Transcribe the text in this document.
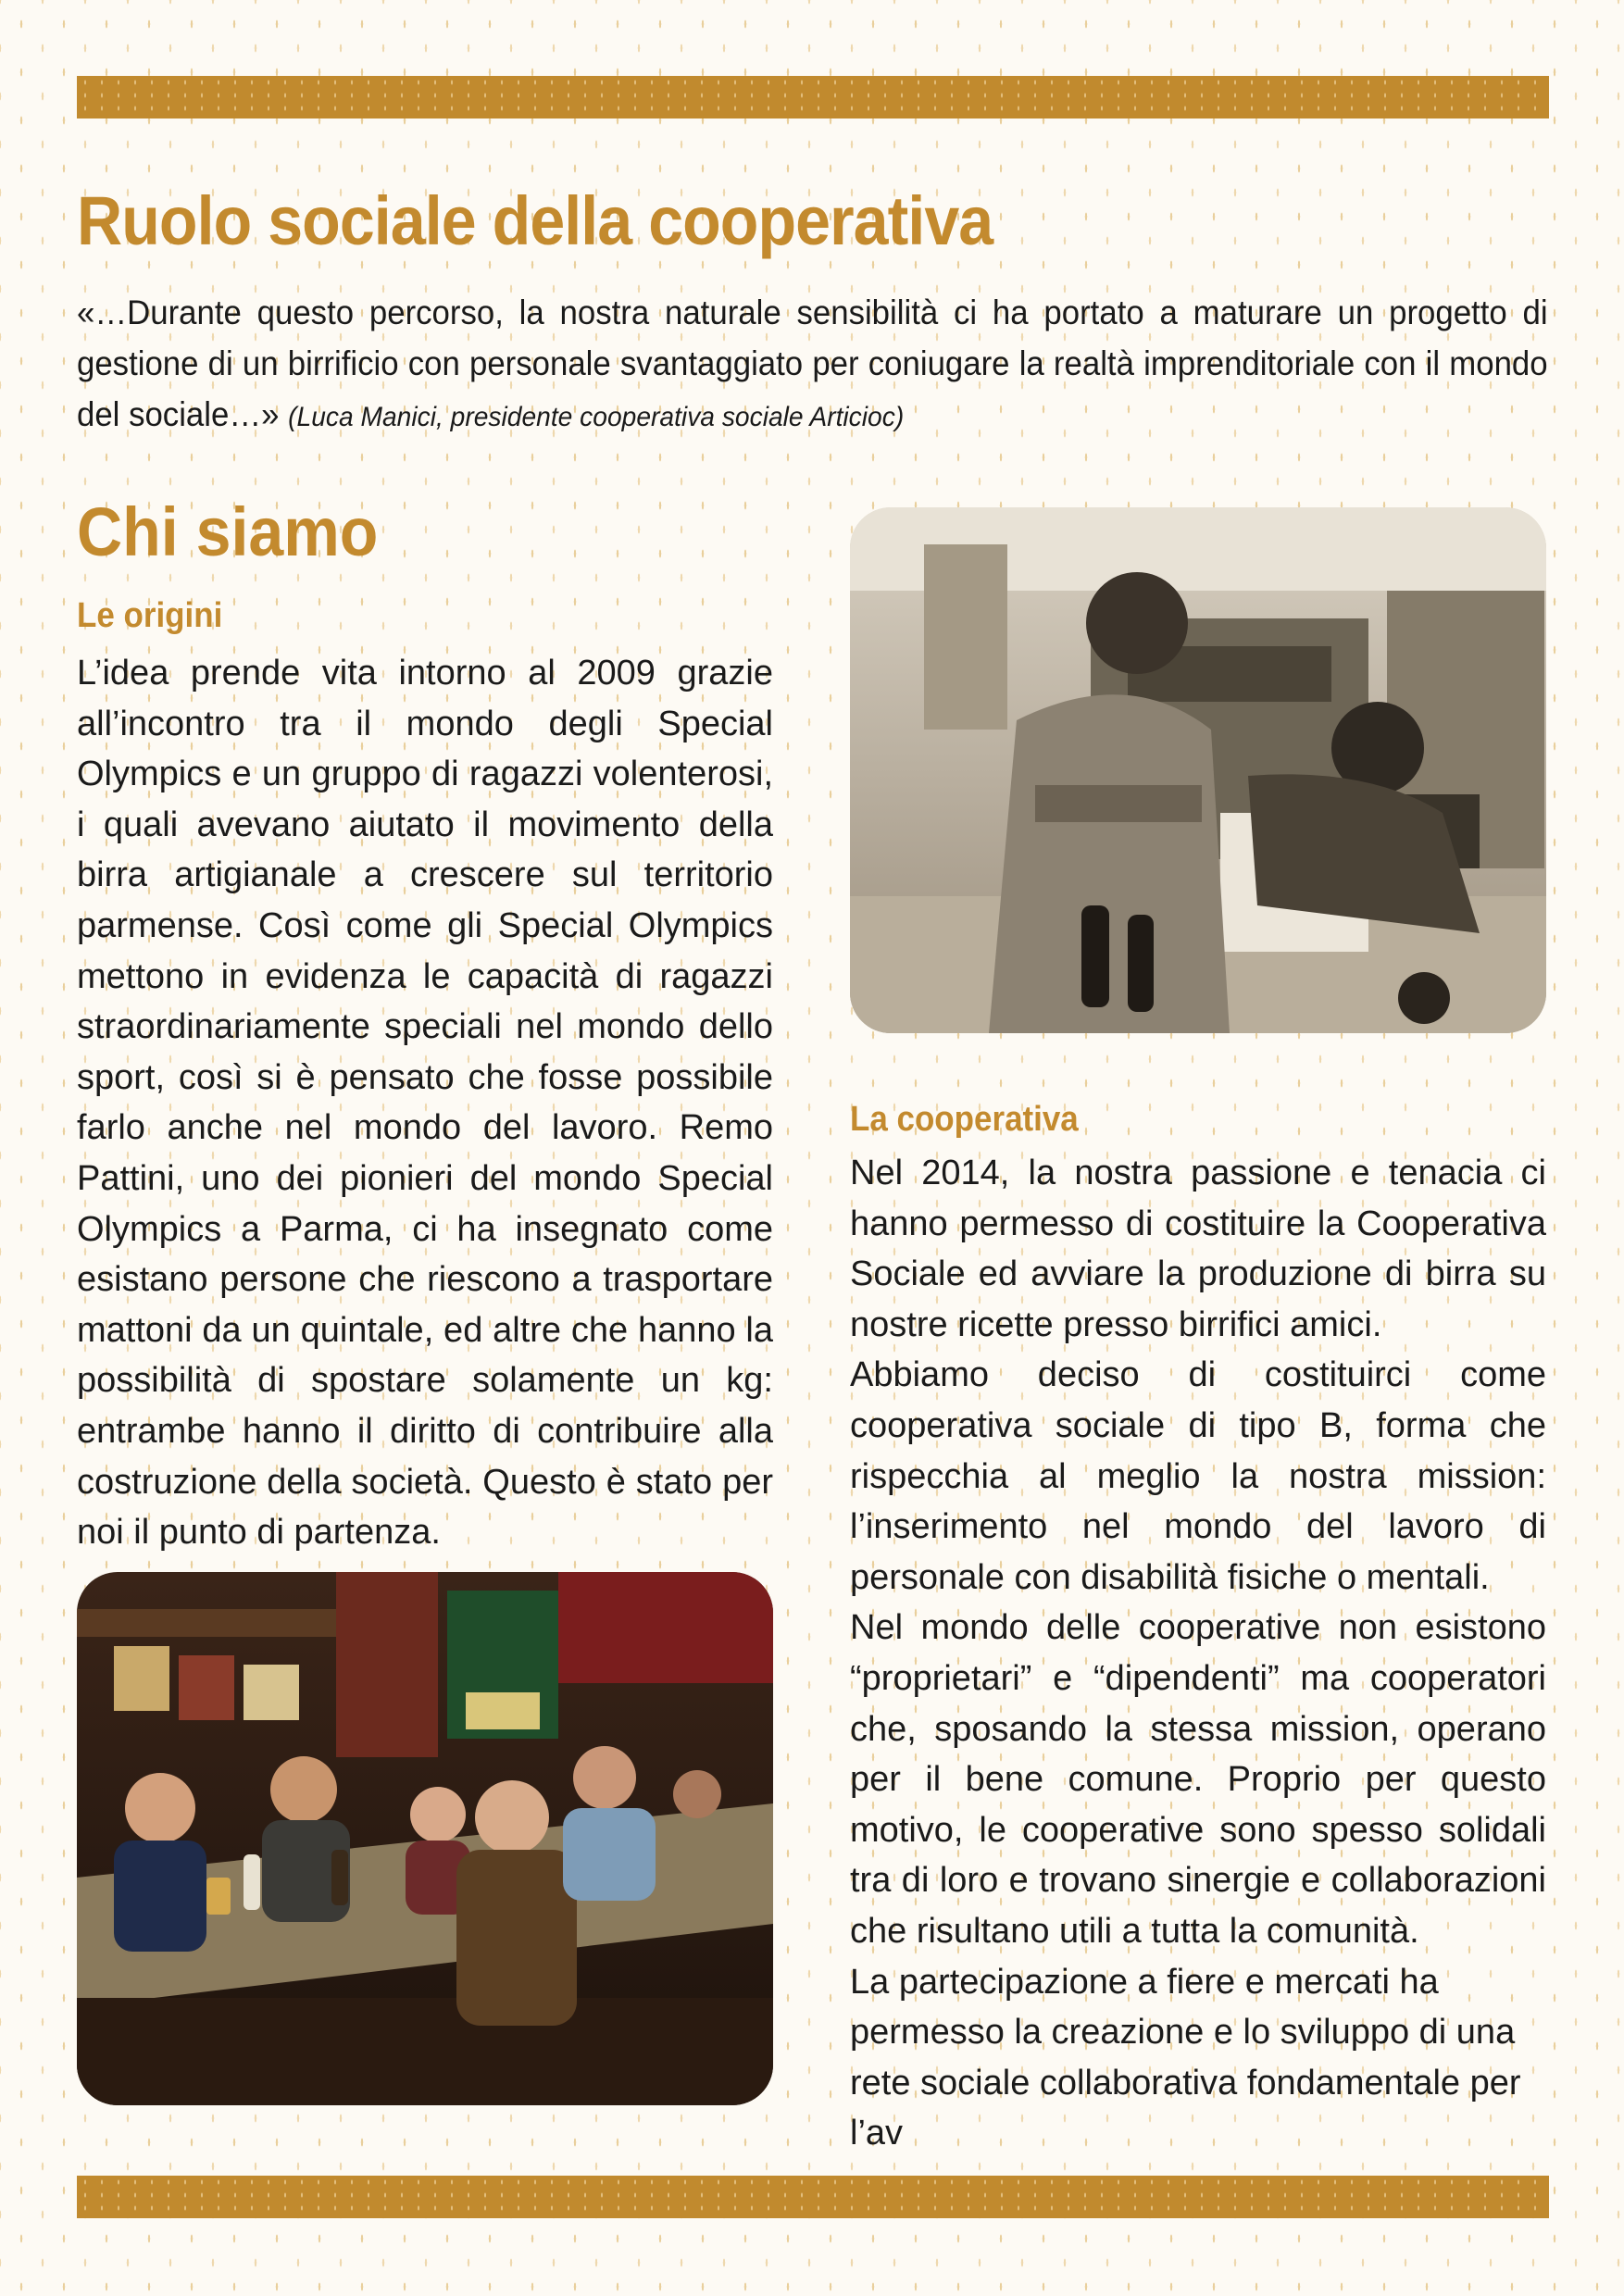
Ruolo sociale della cooperativa

«…Durante questo percorso, la nostra naturale sensibilità ci ha portato a maturare un progetto di gestione di un birrificio con personale svantaggiato per coniugare la realtà imprenditoriale con il mondo del sociale…» (Luca Manici, presidente cooperativa sociale Articioc)

Chi siamo
Le origini

L’idea prende vita intorno al 2009 grazie all’incontro tra il mondo degli Special Olympics e un gruppo di ragazzi volenterosi, i quali avevano aiutato il movimento della birra artigianale a crescere sul territorio parmense. Così come gli Special Olympics mettono in evidenza le capacità di ragazzi straordinariamente speciali nel mondo dello sport, così si è pensato che fosse possibile farlo anche nel mondo del lavoro. Remo Pattini, uno dei pionieri del mondo Special Olympics a Parma, ci ha insegnato come esistano persone che riescono a trasportare mattoni da un quintale, ed altre che hanno la possibilità di spostare solamente un kg: entrambe hanno il diritto di contribuire alla costruzione della società. Questo è stato per noi il punto di partenza.

La cooperativa

Nel 2014, la nostra passione e tenacia ci hanno permesso di costituire la Cooperativa Sociale ed avviare la produzione di birra su nostre ricette presso birrifici amici.

Abbiamo deciso di costituirci come cooperativa sociale di tipo B, forma che rispecchia al meglio la nostra mission: l’inserimento nel mondo del lavoro di personale con disabilità fisiche o mentali.

Nel mondo delle cooperative non esistono “proprietari” e “dipendenti” ma cooperatori che, sposando la stessa mission, operano per il bene comune. Proprio per questo motivo, le cooperative sono spesso solidali tra di loro e trovano sinergie e collaborazioni che risultano utili a tutta la comunità.

La partecipazione a fiere e mercati ha permesso la creazione e lo sviluppo di una rete sociale collaborativa fondamentale per l’av
